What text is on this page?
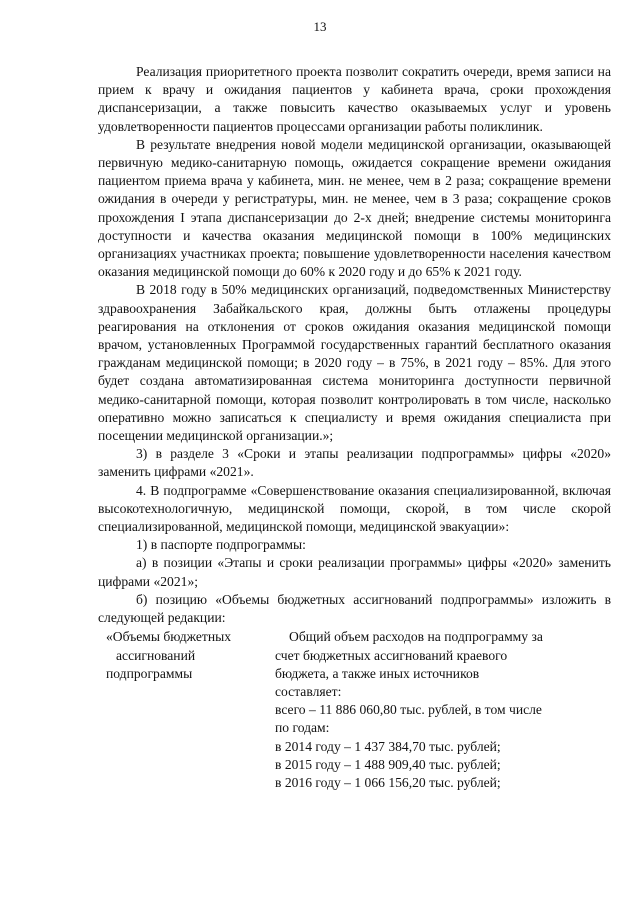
13

Реализация приоритетного проекта позволит сократить очереди, время записи на прием к врачу и ожидания пациентов у кабинета врача, сроки прохождения диспансеризации, а также повысить качество оказываемых услуг и уровень удовлетворенности пациентов процессами организации работы поликлиник.

В результате внедрения новой модели медицинской организации, оказывающей первичную медико-санитарную помощь, ожидается сокращение времени ожидания пациентом приема врача у кабинета, мин. не менее, чем в 2 раза; сокращение времени ожидания в очереди у регистратуры, мин. не менее, чем в 3 раза; сокращение сроков прохождения I этапа диспансеризации до 2-х дней; внедрение системы мониторинга доступности и качества оказания медицинской помощи в 100% медицинских организациях участниках проекта; повышение удовлетворенности населения качеством оказания медицинской помощи до 60% к 2020 году и до 65% к 2021 году.

В 2018 году в 50% медицинских организаций, подведомственных Министерству здравоохранения Забайкальского края, должны быть отлажены процедуры реагирования на отклонения от сроков ожидания оказания медицинской помощи врачом, установленных Программой государственных гарантий бесплатного оказания гражданам медицинской помощи; в 2020 году – в 75%, в 2021 году – 85%. Для этого будет создана автоматизированная система мониторинга доступности первичной медико-санитарной помощи, которая позволит контролировать в том числе, насколько оперативно можно записаться к специалисту и время ожидания специалиста при посещении медицинской организации.»;

3) в разделе 3 «Сроки и этапы реализации подпрограммы» цифры «2020» заменить цифрами «2021».

4. В подпрограмме «Совершенствование оказания специализированной, включая высокотехнологичную, медицинской помощи, скорой, в том числе скорой специализированной, медицинской помощи, медицинской эвакуации»:

1) в паспорте подпрограммы:

а) в позиции «Этапы и сроки реализации программы» цифры «2020» заменить цифрами «2021»;

б) позицию «Объемы бюджетных ассигнований подпрограммы» изложить в следующей редакции:

«Объемы бюджетных

ассигнований

подпрограммы

Общий объем расходов на подпрограмму за

счет бюджетных ассигнований краевого

бюджета, а также иных источников

составляет:

всего – 11 886 060,80 тыс. рублей, в том числе

по годам:

в 2014 году – 1 437 384,70 тыс. рублей;

в 2015 году – 1 488 909,40 тыс. рублей;

в 2016 году – 1 066 156,20 тыс. рублей;
